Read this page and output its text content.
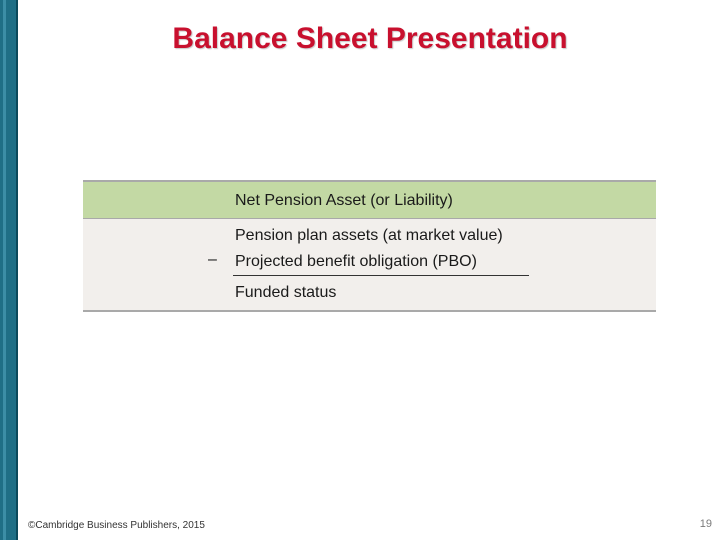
Balance Sheet Presentation
Net Pension Asset (or Liability)
Pension plan assets (at market value)
– Projected benefit obligation (PBO)
Funded status
©Cambridge Business Publishers, 2015	19
